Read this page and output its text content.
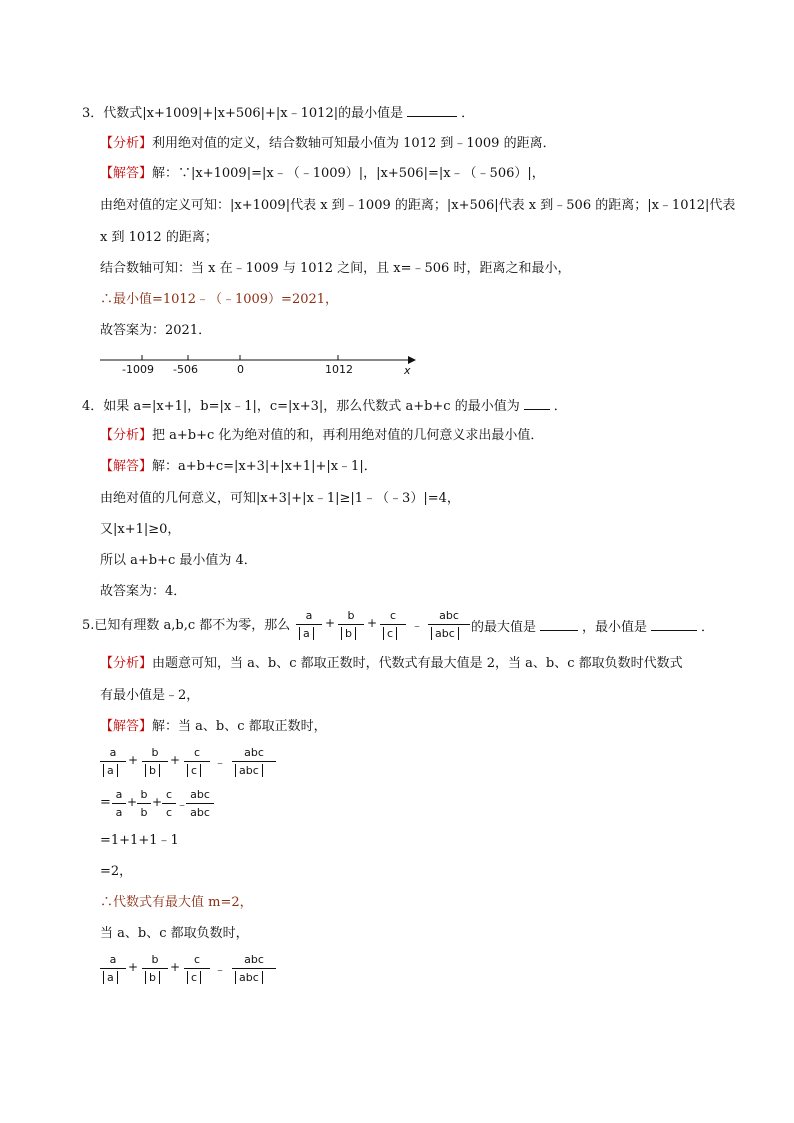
3．代数式|x+1009|+|x+506|+|x﹣1012|的最小值是	．
【分析】利用绝对值的定义，结合数轴可知最小值为 1012 到﹣1009 的距离．
【解答】解：∵|x+1009|=|x﹣（﹣1009）|，|x+506|=|x﹣（﹣506）|，
由绝对值的定义可知：|x+1009|代表 x 到﹣1009 的距离；|x+506|代表 x 到﹣506 的距离；|x﹣1012|代表
x 到 1012 的距离；
结合数轴可知：当 x 在﹣1009 与 1012 之间，且 x=﹣506 时，距离之和最小，
∴最小值=1012﹣（﹣1009）=2021，
故答案为：2021．
-1009 -506	0	1012	x
4．如果 a=|x+1|，b=|x﹣1|，c=|x+3|，那么代数式 a+b+c 的最小值为	．
【分析】把 a+b+c 化为绝对值的和，再利用绝对值的几何意义求出最小值．
【解答】解：a+b+c=|x+3|+|x+1|+|x﹣1|．
由绝对值的几何意义，可知|x+3|+|x﹣1|≥|1﹣（﹣3）|=4，
又|x+1|≥0，
所以 a+b+c 最小值为 4．
故答案为：4．
5.已知有理数 a,b,c 都不为零，那么
a
a
+
b
b
+
c
c
﹣
abc
abc	的最大值是	，最小值是	．
【分析】由题意可知，当 a、b、c 都取正数时，代数式有最大值是 2，当 a、b、c 都取负数时代数式
有最小值是﹣2，
【解答】解：当 a、b、c 都取正数时，
a
a
+
b
b
+
c
c
﹣
abc
abc
=
a
a
+
b
b
+
c
c
﹣
abc
abc
=1+1+1﹣1
=2，
∴代数式有最大值 m=2，
当 a、b、c 都取负数时，
a
a
+
b
b
+
c
c
﹣
abc
abc
